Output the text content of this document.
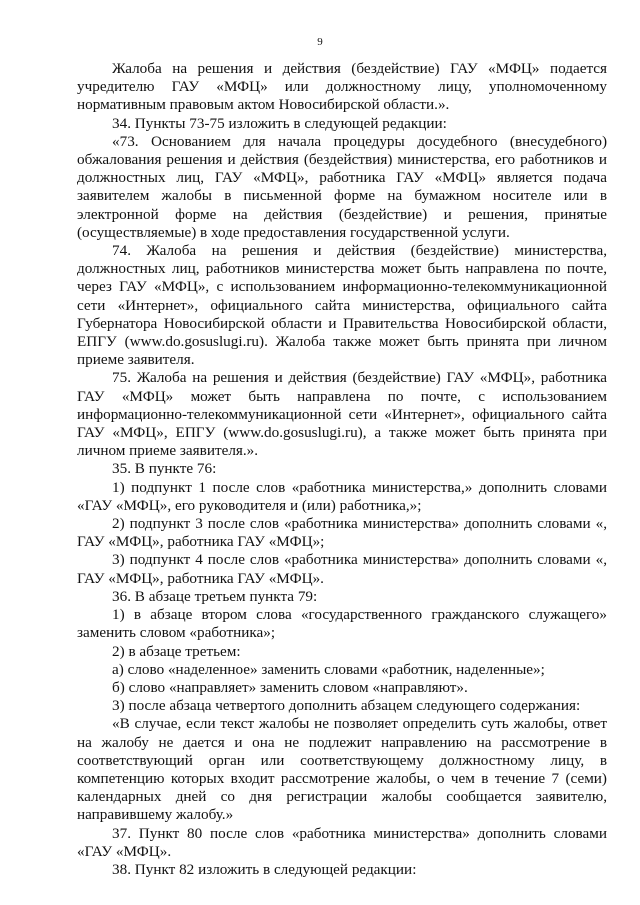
9

Жалоба на решения и действия (бездействие) ГАУ «МФЦ» подается учредителю ГАУ «МФЦ» или должностному лицу, уполномоченному нормативным правовым актом Новосибирской области.».

34. Пункты 73-75 изложить в следующей редакции:

«73. Основанием для начала процедуры досудебного (внесудебного) обжалования решения и действия (бездействия) министерства, его работников и должностных лиц, ГАУ «МФЦ», работника ГАУ «МФЦ» является подача заявителем жалобы в письменной форме на бумажном носителе или в электронной форме на действия (бездействие) и решения, принятые (осуществляемые) в ходе предоставления государственной услуги.

74. Жалоба на решения и действия (бездействие) министерства, должностных лиц, работников министерства может быть направлена по почте, через ГАУ «МФЦ», с использованием информационно-телекоммуникационной сети «Интернет», официального сайта министерства, официального сайта Губернатора Новосибирской области и Правительства Новосибирской области, ЕПГУ (www.do.gosuslugi.ru). Жалоба также может быть принята при личном приеме заявителя.

75. Жалоба на решения и действия (бездействие) ГАУ «МФЦ», работника ГАУ «МФЦ» может быть направлена по почте, с использованием информационно-телекоммуникационной сети «Интернет», официального сайта ГАУ «МФЦ», ЕПГУ (www.do.gosuslugi.ru), а также может быть принята при личном приеме заявителя.».

35. В пункте 76:

1) подпункт 1 после слов «работника министерства,» дополнить словами «ГАУ «МФЦ», его руководителя и (или) работника,»;

2) подпункт 3 после слов «работника министерства» дополнить словами «, ГАУ «МФЦ», работника ГАУ «МФЦ»;

3) подпункт 4 после слов «работника министерства» дополнить словами «, ГАУ «МФЦ», работника ГАУ «МФЦ».

36. В абзаце третьем пункта 79:

1) в абзаце втором слова «государственного гражданского служащего» заменить словом «работника»;

2) в абзаце третьем:

а) слово «наделенное» заменить словами «работник, наделенные»;

б) слово «направляет» заменить словом «направляют».

3) после абзаца четвертого дополнить абзацем следующего содержания:

«В случае, если текст жалобы не позволяет определить суть жалобы, ответ на жалобу не дается и она не подлежит направлению на рассмотрение в соответствующий орган или соответствующему должностному лицу, в компетенцию которых входит рассмотрение жалобы, о чем в течение 7 (семи) календарных дней со дня регистрации жалобы сообщается заявителю, направившему жалобу.»

37. Пункт 80 после слов «работника министерства» дополнить словами «ГАУ «МФЦ».

38. Пункт 82 изложить в следующей редакции:
